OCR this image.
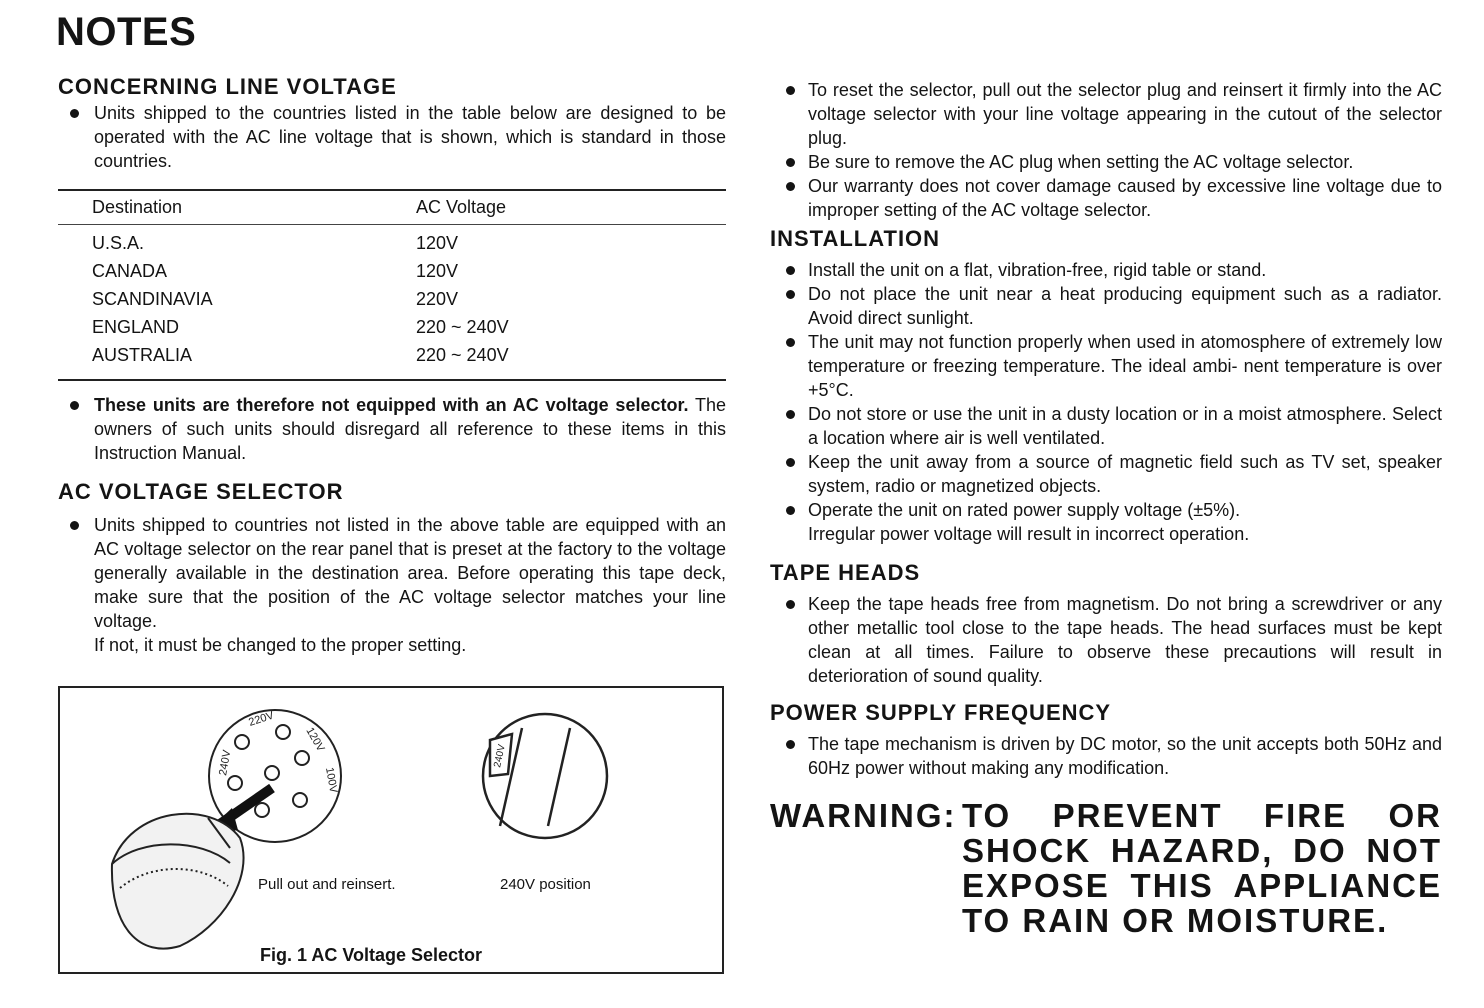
NOTES
CONCERNING LINE VOLTAGE
Units shipped to the countries listed in the table below are designed to be operated with the AC line voltage that is shown, which is standard in those countries.
Destination	AC Voltage
U.S.A.	120V
CANADA	120V
SCANDINAVIA	220V
ENGLAND	220 ~ 240V
AUSTRALIA	220 ~ 240V
These units are therefore not equipped with an AC voltage selector. The owners of such units should disregard all reference to these items in this Instruction Manual.
AC VOLTAGE SELECTOR
Units shipped to countries not listed in the above table are equipped with an AC voltage selector on the rear panel that is preset at the factory to the voltage generally available in the destination area. Before operating this tape deck, make sure that the position of the AC voltage selector matches your line voltage.
If not, it must be changed to the proper setting.
220V
120V
240V
100V
240V
Pull out and reinsert.	240V position
Fig. 1 AC Voltage Selector
To reset the selector, pull out the selector plug and reinsert it firmly into the AC voltage selector with your line voltage appearing in the cutout of the selector plug.
Be sure to remove the AC plug when setting the AC voltage selector.
Our warranty does not cover damage caused by excessive line voltage due to improper setting of the AC voltage selector.
INSTALLATION
Install the unit on a flat, vibration-free, rigid table or stand.
Do not place the unit near a heat producing equipment such as a radiator. Avoid direct sunlight.
The unit may not function properly when used in atomosphere of extremely low temperature or freezing temperature. The ideal ambi- nent temperature is over +5°C.
Do not store or use the unit in a dusty location or in a moist atmosphere. Select a location where air is well ventilated.
Keep the unit away from a source of magnetic field such as TV set, speaker system, radio or magnetized objects.
Operate the unit on rated power supply voltage (±5%).
Irregular power voltage will result in incorrect operation.
TAPE HEADS
Keep the tape heads free from magnetism. Do not bring a screwdriver or any other metallic tool close to the tape heads. The head surfaces must be kept clean at all times. Failure to observe these precautions will result in deterioration of sound quality.
POWER SUPPLY FREQUENCY
The tape mechanism is driven by DC motor, so the unit accepts both 50Hz and 60Hz power without making any modification.
WARNING: TO PREVENT FIRE OR SHOCK HAZARD, DO NOT EXPOSE THIS APPLIANCE TO RAIN OR MOISTURE.
